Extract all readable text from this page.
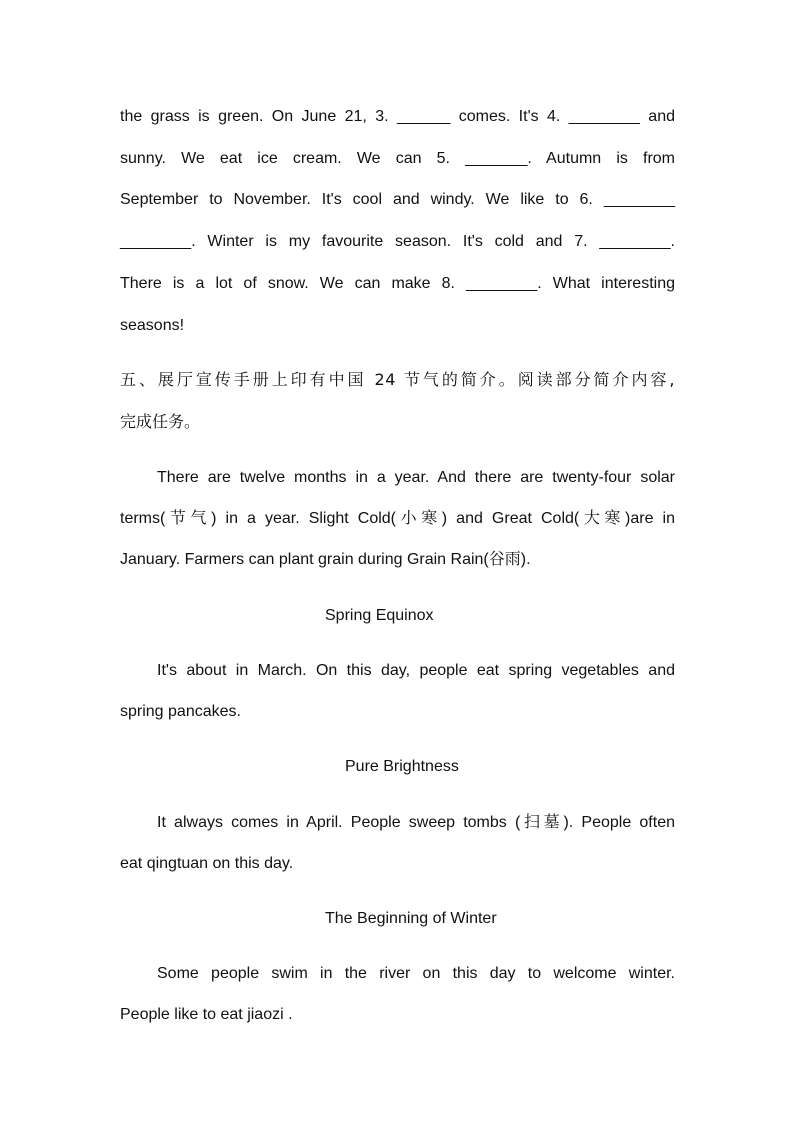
the grass is green. On June 21, 3. ______ comes. It's 4. ________ and

sunny. We eat ice cream. We can 5. _______. Autumn is from

September to November. It's cool and windy. We like to 6. ________

________. Winter is my favourite season. It's cold and 7. ________.

There is a lot of snow. We can make 8. ________. What interesting

seasons!

五、展厅宣传手册上印有中国 24 节气的简介。阅读部分简介内容,

完成任务。

There are twelve months in a year. And there are twenty-four solar

terms(节气) in a year. Slight Cold(小寒) and Great Cold(大寒)are in

January. Farmers can plant grain during Grain Rain(谷雨).

Spring Equinox

It's about in March. On this day, people eat spring vegetables and

spring pancakes.

Pure Brightness

It always comes in April. People sweep tombs (扫墓). People often

eat qingtuan on this day.

The Beginning of Winter

Some people swim in the river on this day to welcome winter.

People like to eat jiaozi .
